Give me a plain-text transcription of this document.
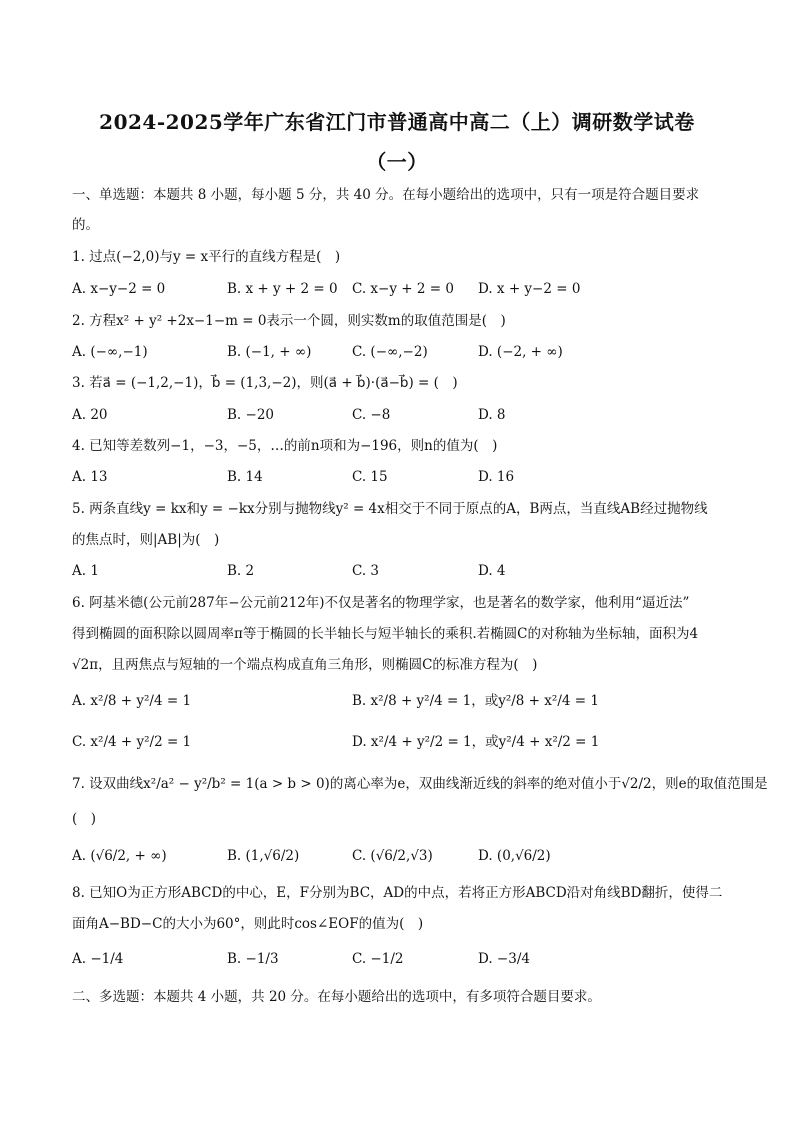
2024-2025学年广东省江门市普通高中高二（上）调研数学试卷
（一）
一、单选题：本题共 8 小题，每小题 5 分，共 40 分。在每小题给出的选项中，只有一项是符合题目要求
的。
1. 过点(−2,0)与y = x平行的直线方程是(　)
A. x−y−2 = 0	B. x + y + 2 = 0 C. x−y + 2 = 0 D. x + y−2 = 0
2. 方程x² + y² +2x−1−m = 0表示一个圆，则实数m的取值范围是(　)
A. (−∞,−1)	B. (−1, + ∞)	C. (−∞,−2)	D. (−2, + ∞)
3. 若a⃗ = (−1,2,−1)，b⃗ = (1,3,−2)，则(a⃗ + b⃗)·(a⃗−b⃗) = (　)
A. 20	B. −20	C. −8	D. 8
4. 已知等差数列−1，−3，−5，…的前n项和为−196，则n的值为(　)
A. 13	B. 14	C. 15	D. 16
5. 两条直线y = kx和y = −kx分别与抛物线y² = 4x相交于不同于原点的A，B两点，当直线AB经过抛物线
的焦点时，则|AB|为(　)
A. 1	B. 2	C. 3	D. 4
6. 阿基米德(公元前287年−公元前212年)不仅是著名的物理学家，也是著名的数学家，他利用“逼近法”
得到椭圆的面积除以圆周率π等于椭圆的长半轴长与短半轴长的乘积.若椭圆C的对称轴为坐标轴，面积为4
√2π，且两焦点与短轴的一个端点构成直角三角形，则椭圆C的标准方程为(　)
A. x²/8 + y²/4 = 1	B. x²/8 + y²/4 = 1，或y²/8 + x²/4 = 1
C. x²/4 + y²/2 = 1	D. x²/4 + y²/2 = 1，或y²/4 + x²/2 = 1
7. 设双曲线x²/a² − y²/b² = 1(a > b > 0)的离心率为e，双曲线渐近线的斜率的绝对值小于√2/2，则e的取值范围是
(　)
A. (√6/2, + ∞)	B. (1,√6/2)	C. (√6/2,√3)	D. (0,√6/2)
8. 已知O为正方形ABCD的中心，E，F分别为BC，AD的中点，若将正方形ABCD沿对角线BD翻折，使得二
面角A−BD−C的大小为60°，则此时cos∠EOF的值为(　)
A. −1/4	B. −1/3	C. −1/2	D. −3/4
二、多选题：本题共 4 小题，共 20 分。在每小题给出的选项中，有多项符合题目要求。
